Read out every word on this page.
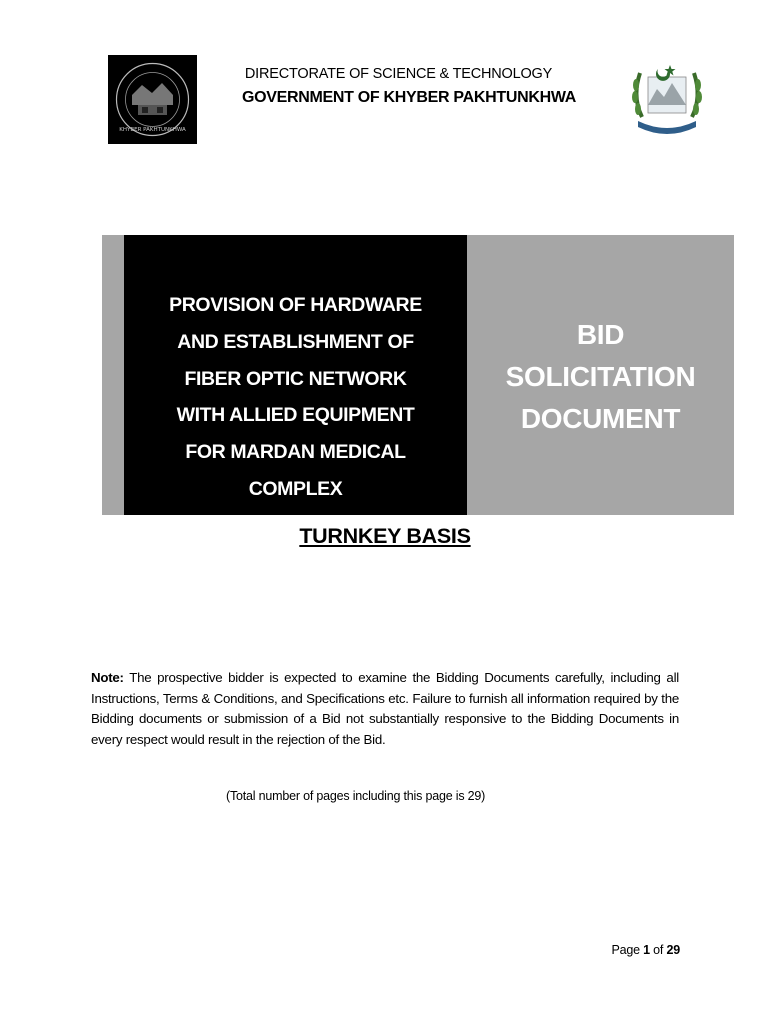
KHYBER PAKHTUNKHWA
DIRECTORATE OF SCIENCE & TECHNOLOGY
GOVERNMENT OF KHYBER PAKHTUNKHWA
PROVISION OF HARDWARE
AND ESTABLISHMENT OF
FIBER OPTIC NETWORK
WITH ALLIED EQUIPMENT
FOR MARDAN MEDICAL
COMPLEX
BID
SOLICITATION
DOCUMENT
TURNKEY BASIS
Note: The prospective bidder is expected to examine the Bidding Documents carefully, including all Instructions, Terms & Conditions, and Specifications etc. Failure to furnish all information required by the Bidding documents or submission of a Bid not substantially responsive to the Bidding Documents in every respect would result in the rejection of the Bid.
(Total number of pages including this page is 29)
Page 1 of 29
